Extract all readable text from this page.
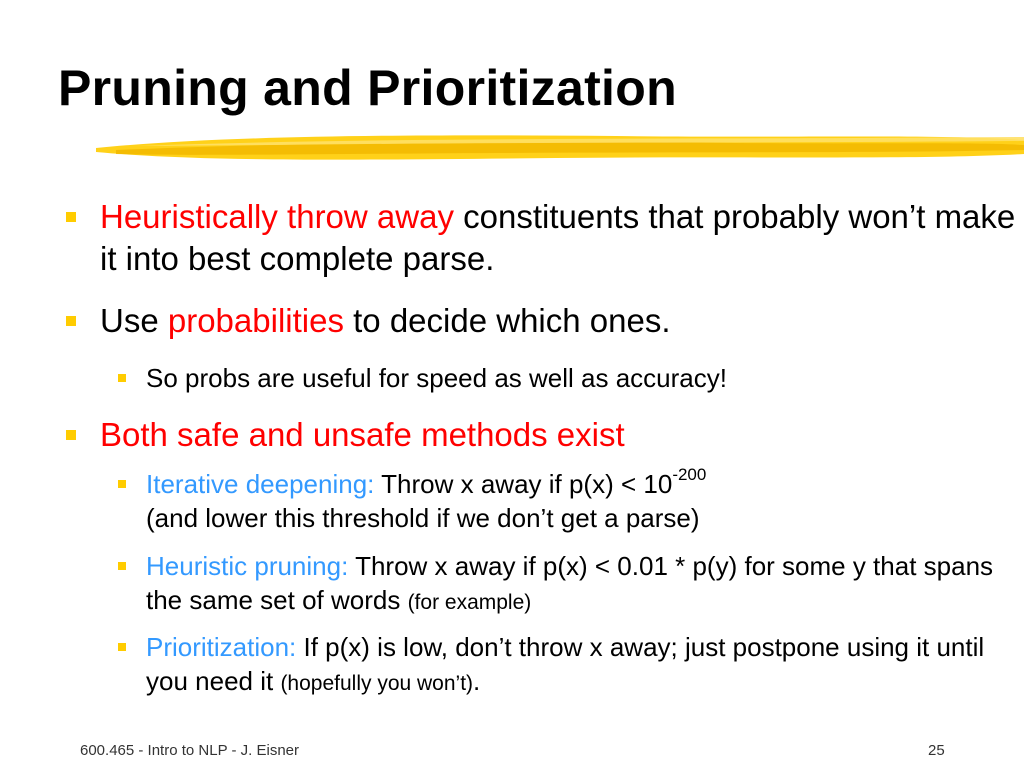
Pruning and Prioritization
Heuristically throw away constituents that probably won’t make it into best complete parse.
Use probabilities to decide which ones.
So probs are useful for speed as well as accuracy!
Both safe and unsafe methods exist
Iterative deepening: Throw x away if $p(x) < 10^{-200}$
(and lower this threshold if we don’t get a parse)
Heuristic pruning: Throw x away if p(x) < 0.01 * p(y) for some y that spans the same set of words (for example)
Prioritization: If p(x) is low, don’t throw x away; just postpone using it until you need it (hopefully you won’t).
600.465 - Intro to NLP - J. Eisner	25
